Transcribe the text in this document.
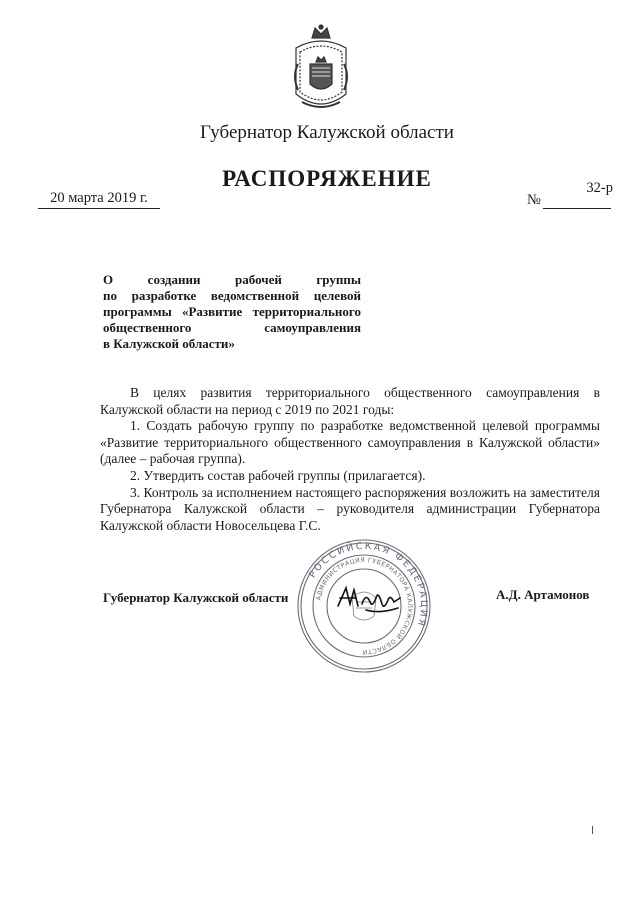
Губернатор Калужской области
РАСПОРЯЖЕНИЕ
20 марта 2019 г.	№
32-р
О создании рабочей группы
по разработке ведомственной целевой
программы «Развитие территориального
общественного самоуправления
в Калужской области»

В целях развития территориального общественного самоуправления в Калужской области на период с 2019 по 2021 годы:

1. Создать рабочую группу по разработке ведомственной целевой программы «Развитие территориального общественного самоуправления в Калужской области» (далее – рабочая группа).

2. Утвердить состав рабочей группы (прилагается).

3. Контроль за исполнением настоящего распоряжения возложить на заместителя Губернатора Калужской области – руководителя администрации Губернатора Калужской области Новосельцева Г.С.

РОССИЙСКАЯ ФЕДЕРАЦИЯ
АДМИНИСТРАЦИЯ ГУБЕРНАТОРА КАЛУЖСКОЙ ОБЛАСТИ
Губернатор Калужской области	А.Д. Артамонов
